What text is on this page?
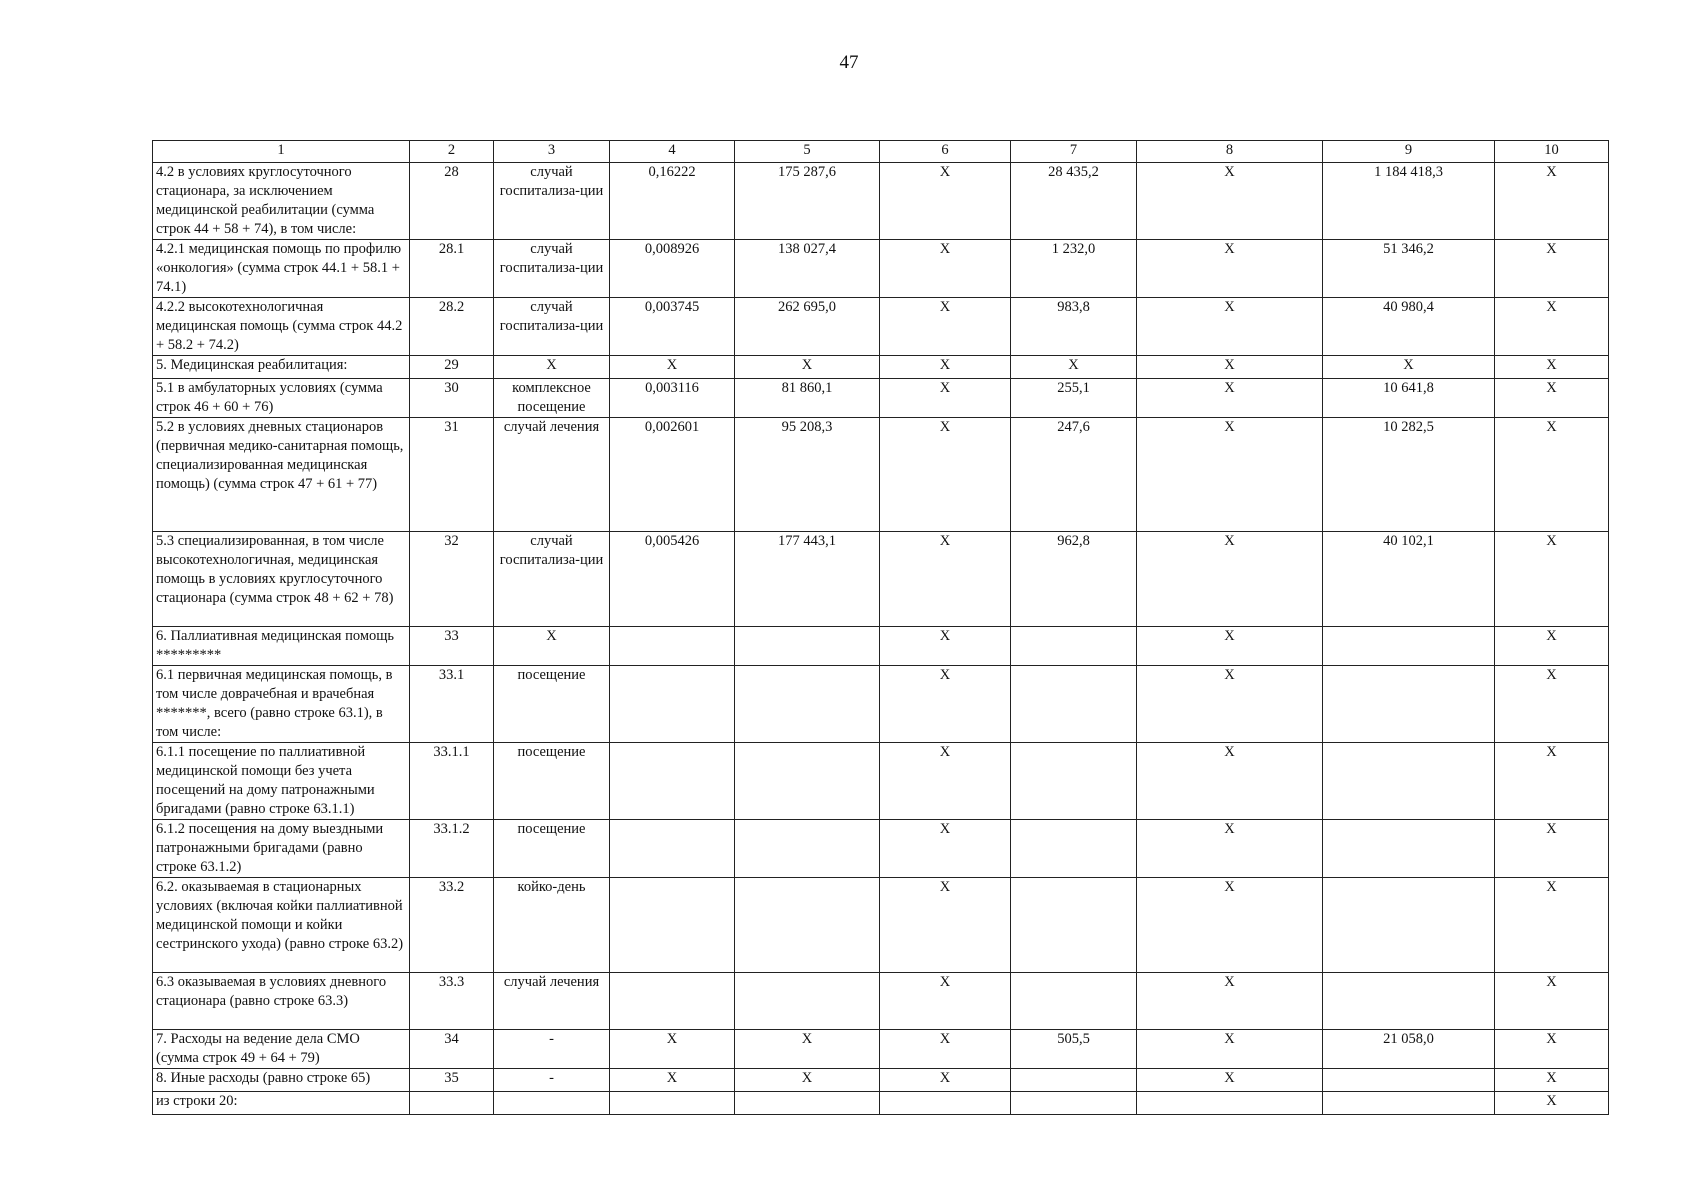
47
1	2	3	4	5	6	7	8	9	10
4.2 в условиях круглосуточного стационара, за исключением медицинской реабилитации (сумма строк 44 + 58 + 74), в том числе:	28	случай госпитализа-ции	0,16222	175 287,6	X	28 435,2	X	1 184 418,3	X
4.2.1 медицинская помощь по профилю «онкология» (сумма строк 44.1 + 58.1 + 74.1)	28.1	случай госпитализа-ции	0,008926	138 027,4	X	1 232,0	X	51 346,2	X
4.2.2 высокотехнологичная медицинская помощь (сумма строк 44.2 + 58.2 + 74.2)	28.2	случай госпитализа-ции	0,003745	262 695,0	X	983,8	X	40 980,4	X
5. Медицинская реабилитация:	29	X	X	X	X	X	X	X	X
5.1 в амбулаторных условиях (сумма строк 46 + 60 + 76)	30	комплексное посещение	0,003116	81 860,1	X	255,1	X	10 641,8	X
5.2 в условиях дневных стационаров (первичная медико-санитарная помощь, специализированная медицинская помощь) (сумма строк 47 + 61 + 77)	31	случай лечения	0,002601	95 208,3	X	247,6	X	10 282,5	X
5.3 специализированная, в том числе высокотехнологичная, медицинская помощь в условиях круглосуточного стационара (сумма строк 48 + 62 + 78)	32	случай госпитализа-ции	0,005426	177 443,1	X	962,8	X	40 102,1	X
6. Паллиативная медицинская помощь *********	33	X			X		X		X
6.1 первичная медицинская помощь, в том числе доврачебная и врачебная *******, всего (равно строке 63.1), в том числе:	33.1	посещение			X		X		X
6.1.1 посещение по паллиативной медицинской помощи без учета посещений на дому патронажными бригадами (равно строке 63.1.1)	33.1.1	посещение			X		X		X
6.1.2 посещения на дому выездными патронажными бригадами (равно строке 63.1.2)	33.1.2	посещение			X		X		X
6.2. оказываемая в стационарных условиях (включая койки паллиативной медицинской помощи и койки сестринского ухода) (равно строке 63.2)	33.2	койко-день			X		X		X
6.3 оказываемая в условиях дневного стационара (равно строке 63.3)	33.3	случай лечения			X		X		X
7. Расходы на ведение дела СМО (сумма строк 49 + 64 + 79)	34	-	X	X	X	505,5	X	21 058,0	X
8. Иные расходы (равно строке 65)	35	-	X	X	X		X		X
из строки 20:									X
